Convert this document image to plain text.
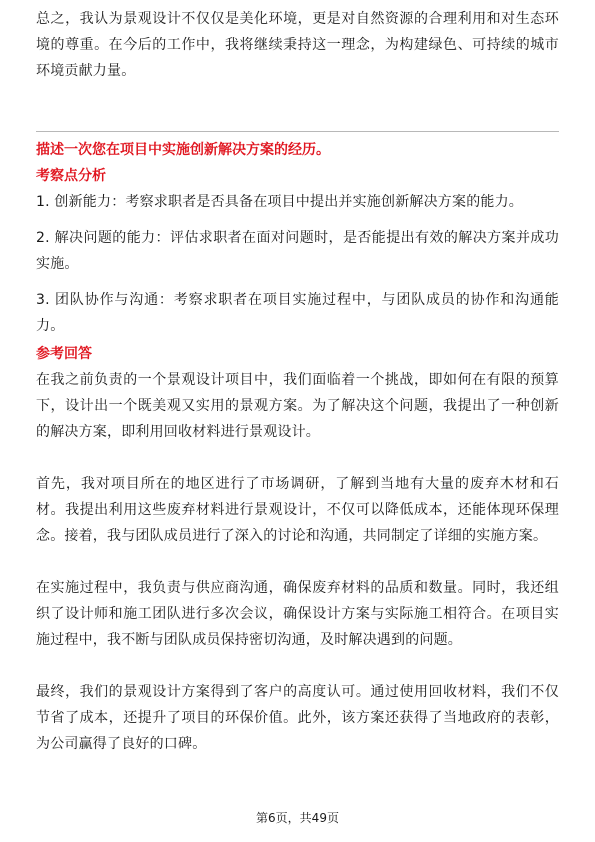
总之，我认为景观设计不仅仅是美化环境，更是对自然资源的合理利用和对生态环境的尊重。在今后的工作中，我将继续秉持这一理念，为构建绿色、可持续的城市环境贡献力量。

描述一次您在项目中实施创新解决方案的经历。

考察点分析

1. 创新能力：考察求职者是否具备在项目中提出并实施创新解决方案的能力。

2. 解决问题的能力：评估求职者在面对问题时，是否能提出有效的解决方案并成功实施。

3. 团队协作与沟通：考察求职者在项目实施过程中，与团队成员的协作和沟通能力。

参考回答

在我之前负责的一个景观设计项目中，我们面临着一个挑战，即如何在有限的预算下，设计出一个既美观又实用的景观方案。为了解决这个问题，我提出了一种创新的解决方案，即利用回收材料进行景观设计。

首先，我对项目所在的地区进行了市场调研，了解到当地有大量的废弃木材和石材。我提出利用这些废弃材料进行景观设计，不仅可以降低成本，还能体现环保理念。接着，我与团队成员进行了深入的讨论和沟通，共同制定了详细的实施方案。

在实施过程中，我负责与供应商沟通，确保废弃材料的品质和数量。同时，我还组织了设计师和施工团队进行多次会议，确保设计方案与实际施工相符合。在项目实施过程中，我不断与团队成员保持密切沟通，及时解决遇到的问题。

最终，我们的景观设计方案得到了客户的高度认可。通过使用回收材料，我们不仅节省了成本，还提升了项目的环保价值。此外，该方案还获得了当地政府的表彰，为公司赢得了良好的口碑。

第6页，共49页
